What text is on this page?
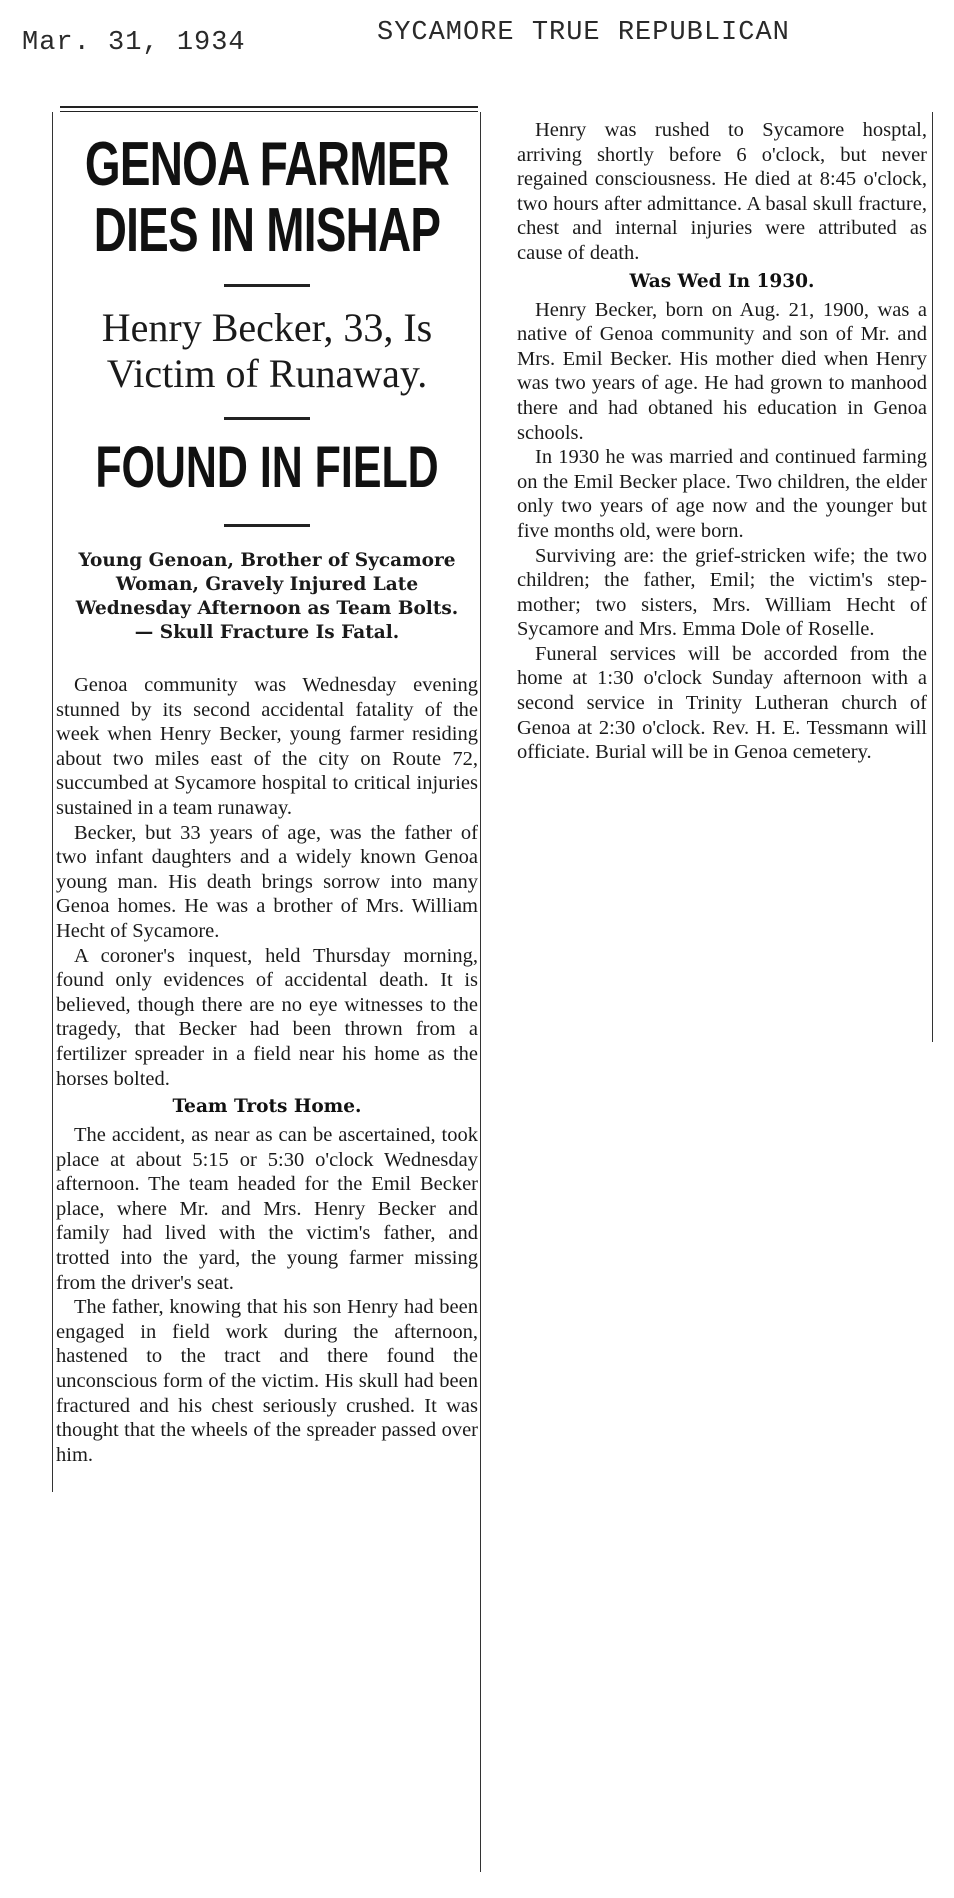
Mar. 31, 1934	SYCAMORE TRUE REPUBLICAN
GENOA FARMER DIES IN MISHAP
Henry Becker, 33, Is Victim of Runaway.
FOUND IN FIELD
Young Genoan, Brother of Sycamore Woman, Gravely Injured Late Wednesday Afternoon as Team Bolts. — Skull Fracture Is Fatal.

Genoa community was Wednesday evening stunned by its second accidental fatality of the week when Henry Becker, young farmer residing about two miles east of the city on Route 72, succumbed at Sycamore hospital to critical injuries sustained in a team runaway.

Becker, but 33 years of age, was the father of two infant daughters and a widely known Genoa young man. His death brings sorrow into many Genoa homes. He was a brother of Mrs. William Hecht of Sycamore.

A coroner's inquest, held Thursday morning, found only evidences of accidental death. It is believed, though there are no eye witnesses to the tragedy, that Becker had been thrown from a fertilizer spreader in a field near his home as the horses bolted.

Team Trots Home.

The accident, as near as can be ascertained, took place at about 5:15 or 5:30 o'clock Wednesday afternoon. The team headed for the Emil Becker place, where Mr. and Mrs. Henry Becker and family had lived with the victim's father, and trotted into the yard, the young farmer missing from the driver's seat.

The father, knowing that his son Henry had been engaged in field work during the afternoon, hastened to the tract and there found the unconscious form of the victim. His skull had been fractured and his chest seriously crushed. It was thought that the wheels of the spreader passed over him.

Henry was rushed to Sycamore hosptal, arriving shortly before 6 o'clock, but never regained consciousness. He died at 8:45 o'clock, two hours after admittance. A basal skull fracture, chest and internal injuries were attributed as cause of death.

Was Wed In 1930.

Henry Becker, born on Aug. 21, 1900, was a native of Genoa community and son of Mr. and Mrs. Emil Becker. His mother died when Henry was two years of age. He had grown to manhood there and had obtaned his education in Genoa schools.

In 1930 he was married and continued farming on the Emil Becker place. Two children, the elder only two years of age now and the younger but five months old, were born.

Surviving are: the grief-stricken wife; the two children; the father, Emil; the victim's step-mother; two sisters, Mrs. William Hecht of Sycamore and Mrs. Emma Dole of Roselle.

Funeral services will be accorded from the home at 1:30 o'clock Sunday afternoon with a second service in Trinity Lutheran church of Genoa at 2:30 o'clock. Rev. H. E. Tessmann will officiate. Burial will be in Genoa cemetery.
